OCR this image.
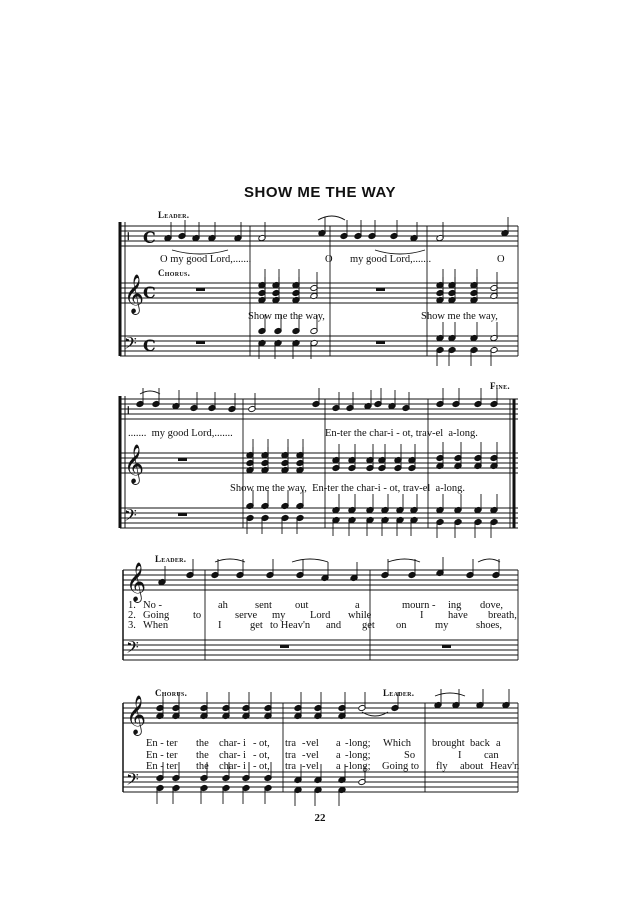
SHOW ME THE WAY
𝄅 C
𝄞
C
𝄢 C
𝄅
𝄞
𝄢
𝄞
𝄢
𝄞
𝄢
Leader.
Chorus.
Fine.
Leader.
Chorus.	Leader.
O my good Lord,.......	O my good Lord,.......	O
Show me the way,	Show me the way,
.......  my good Lord,.......	En-ter the char-i - ot, trav-el  a-long.
Show me the way,  En-ter the char-i - ot, trav-el  a-long.
1. No -	ah	sent out	a	mourn - ing dove,
2. Going to	serve my Lord while	I have breath,
3. When	I	get to Heav'n and get on	my	shoes,
En - ter the char - i - ot, tra - vel a - long; Which brought back a
En - ter the char - i - ot, tra - vel a - long;	So	I can
En - ter the char - i - ot, tra - vel a - long; Going to fly about Heav'n
22
